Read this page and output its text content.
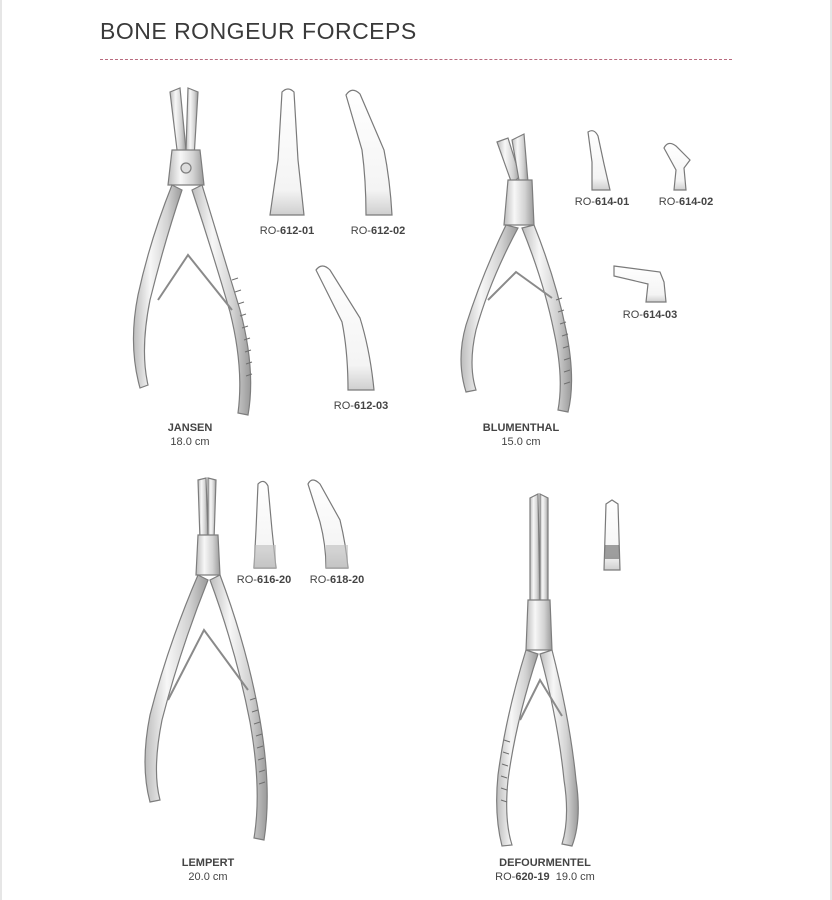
BONE RONGEUR FORCEPS
RO-612-01	RO-612-02
RO-612-03
JANSEN
18.0 cm
RO-614-01	RO-614-02
RO-614-03
BLUMENTHAL
15.0 cm
RO-616-20 RO-618-20
LEMPERT
20.0 cm
DEFOURMENTEL
RO-620-19 19.0 cm
